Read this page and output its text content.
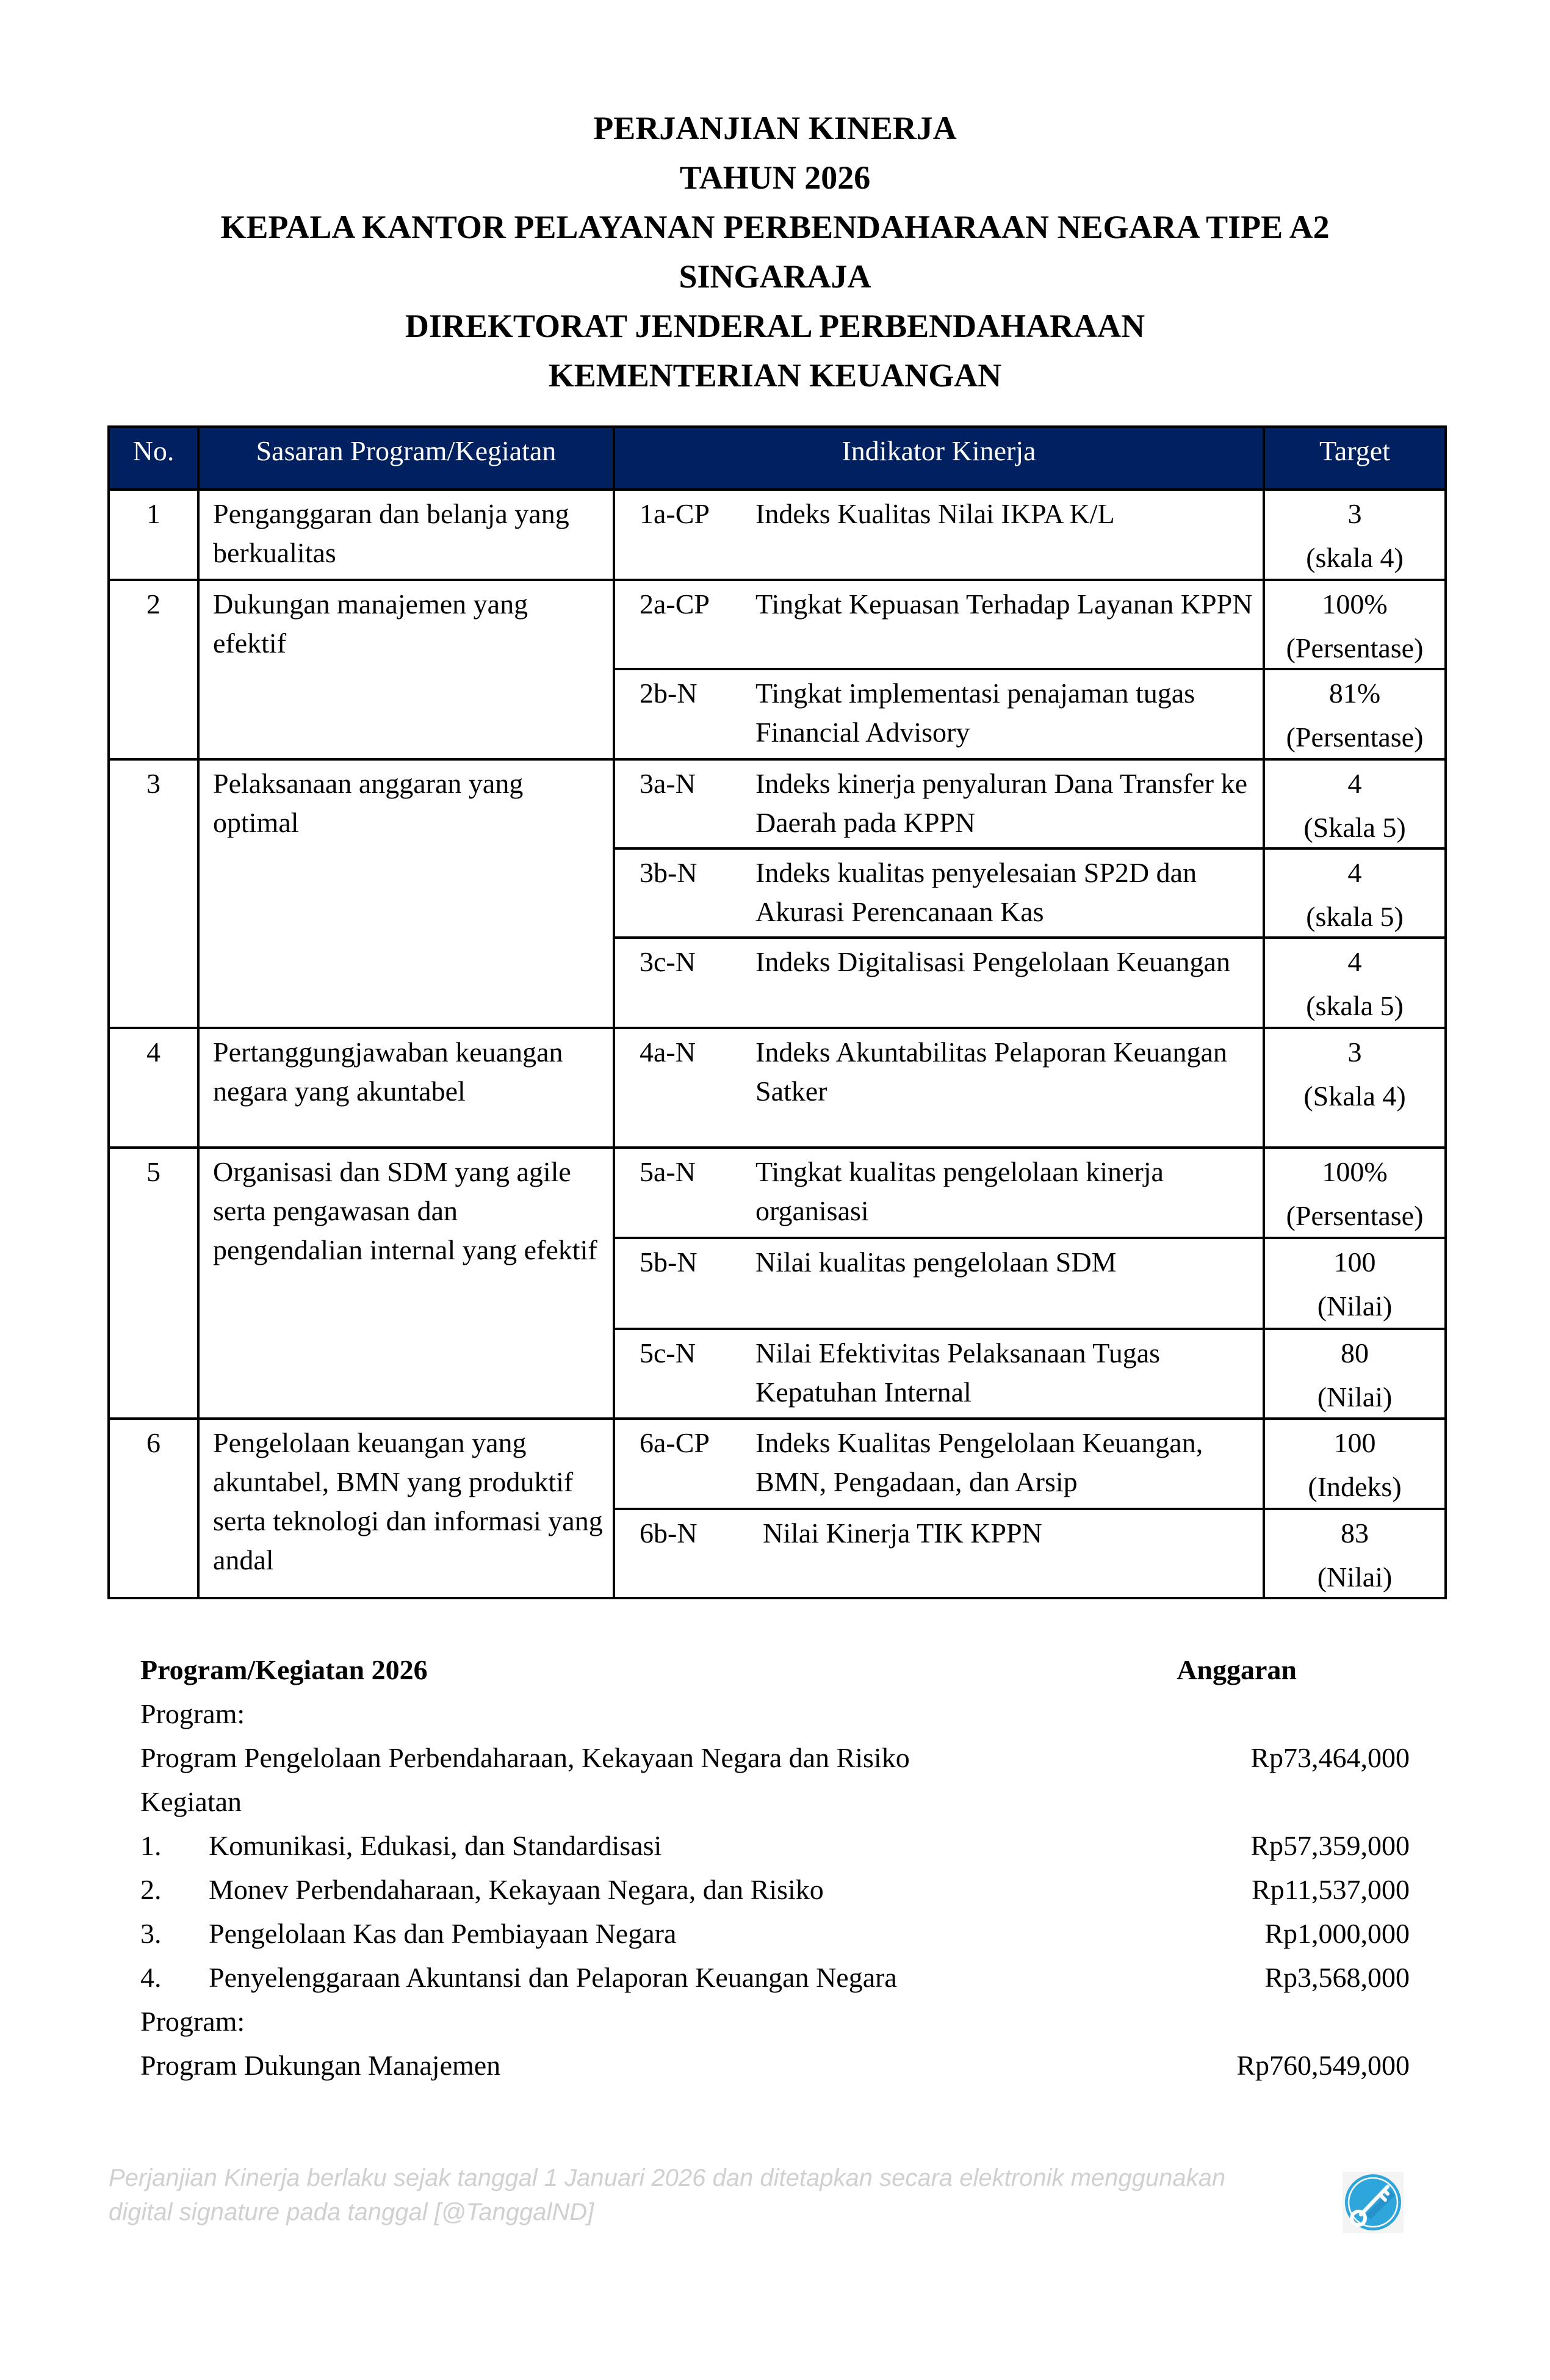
PERJANJIAN KINERJA
TAHUN 2026
KEPALA KANTOR PELAYANAN PERBENDAHARAAN NEGARA TIPE A2
SINGARAJA
DIREKTORAT JENDERAL PERBENDAHARAAN
KEMENTERIAN KEUANGAN
No.	Sasaran Program/Kegiatan	Indikator Kinerja		Target
1	Penganggaran dan belanja yang berkualitas	1a-CP	Indeks Kualitas Nilai IKPA K/L	3
(skala 4)

2	Dukungan manajemen yang efektif	2a-CP	Tingkat Kepuasan Terhadap Layanan KPPN	100%
(Persentase)

		2b-N	Tingkat implementasi penajaman tugas Financial Advisory	81%
(Persentase)

3	Pelaksanaan anggaran yang optimal	3a-N	Indeks kinerja penyaluran Dana Transfer ke Daerah pada KPPN	4
(Skala 5)

		3b-N	Indeks kualitas penyelesaian SP2D dan Akurasi Perencanaan Kas	4
(skala 5)

		3c-N	Indeks Digitalisasi Pengelolaan Keuangan	4
(skala 5)

4	Pertanggungjawaban keuangan negara yang akuntabel	4a-N	Indeks Akuntabilitas Pelaporan Keuangan Satker	3
(Skala 4)

5	Organisasi dan SDM yang agile serta pengawasan dan pengendalian internal yang efektif	5a-N	Tingkat kualitas pengelolaan kinerja organisasi	100%
(Persentase)

		5b-N	Nilai kualitas pengelolaan SDM	100
(Nilai)

		5c-N	Nilai Efektivitas Pelaksanaan Tugas Kepatuhan Internal	80
(Nilai)

6	Pengelolaan keuangan yang akuntabel, BMN yang produktif serta teknologi dan informasi yang andal	6a-CP	Indeks Kualitas Pengelolaan Keuangan, BMN, Pengadaan, dan Arsip	100
(Indeks)

		6b-N	Nilai Kinerja TIK KPPN	83
(Nilai)
Program/Kegiatan 2026	Anggaran
Program:
Program Pengelolaan Perbendaharaan, Kekayaan Negara dan Risiko	Rp73,464,000
Kegiatan
1. Komunikasi, Edukasi, dan Standardisasi	Rp57,359,000
2. Monev Perbendaharaan, Kekayaan Negara, dan Risiko	Rp11,537,000
3. Pengelolaan Kas dan Pembiayaan Negara	Rp1,000,000
4. Penyelenggaraan Akuntansi dan Pelaporan Keuangan Negara	Rp3,568,000
Program:
Program Dukungan Manajemen	Rp760,549,000
Perjanjian Kinerja berlaku sejak tanggal 1 Januari 2026 dan ditetapkan secara elektronik menggunakan
digital signature pada tanggal [@TanggalND]
